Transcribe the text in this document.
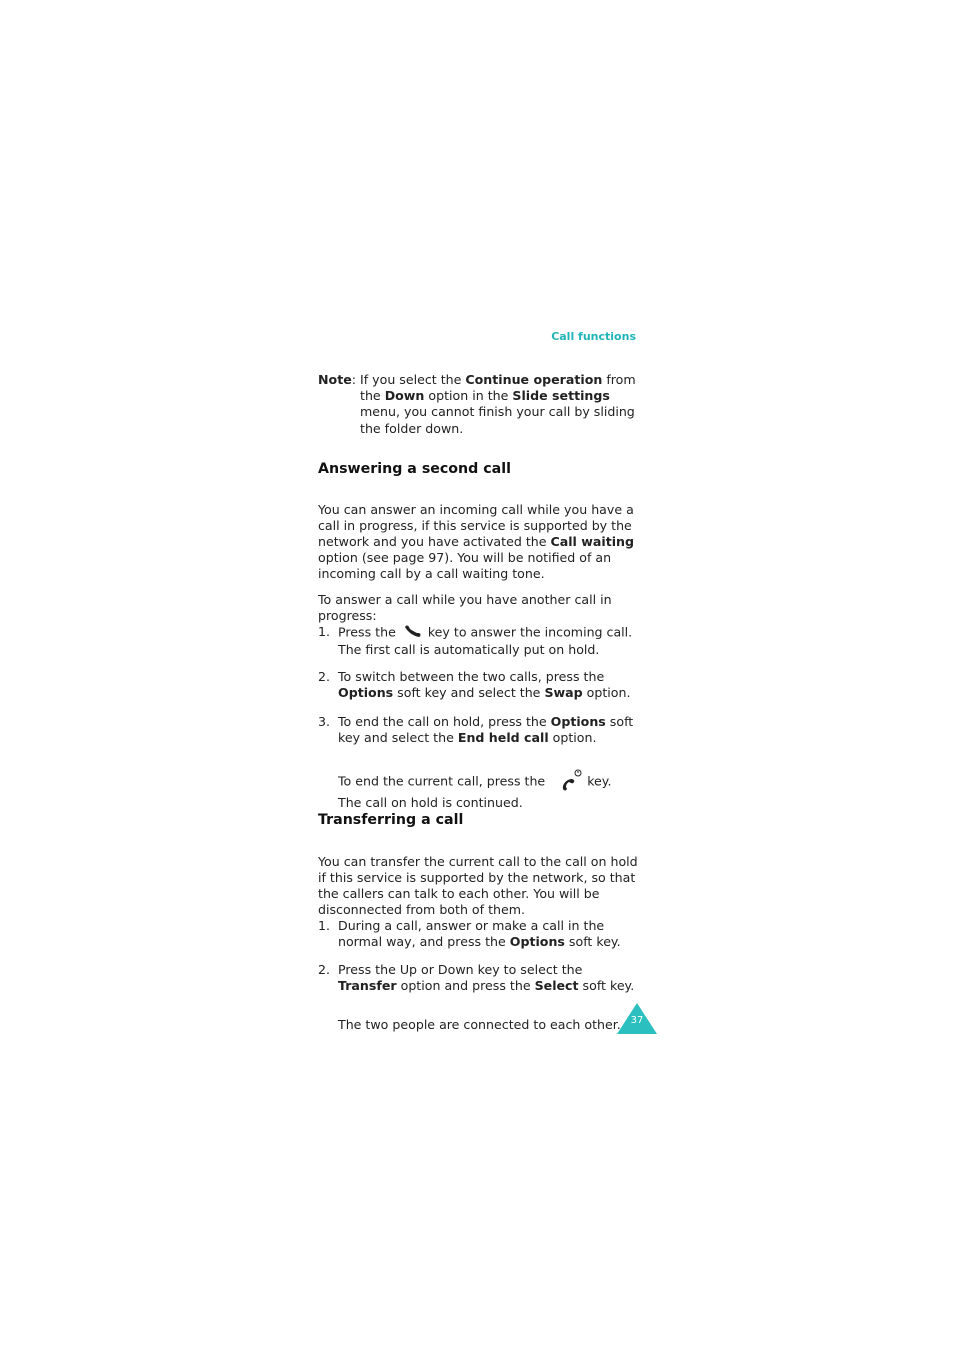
Call functions
Note: If you select the Continue operation from the Down option in the Slide settings menu, you cannot finish your call by sliding the folder down.
Answering a second call

You can answer an incoming call while you have a call in progress, if this service is supported by the network and you have activated the Call waiting option (see page 97). You will be notified of an incoming call by a call waiting tone.

To answer a call while you have another call in progress:

1. Press the  key to answer the incoming call. The first call is automatically put on hold.
2. To switch between the two calls, press the Options soft key and select the Swap option.
3. To end the call on hold, press the Options soft key and select the End held call option.

To end the current call, press the	key. The call on hold is continued.

Transferring a call

You can transfer the current call to the call on hold if this service is supported by the network, so that the callers can talk to each other. You will be disconnected from both of them.

1. During a call, answer or make a call in the normal way, and press the Options soft key.
2. Press the Up or Down key to select the Transfer option and press the Select soft key.

The two people are connected to each other. 37
